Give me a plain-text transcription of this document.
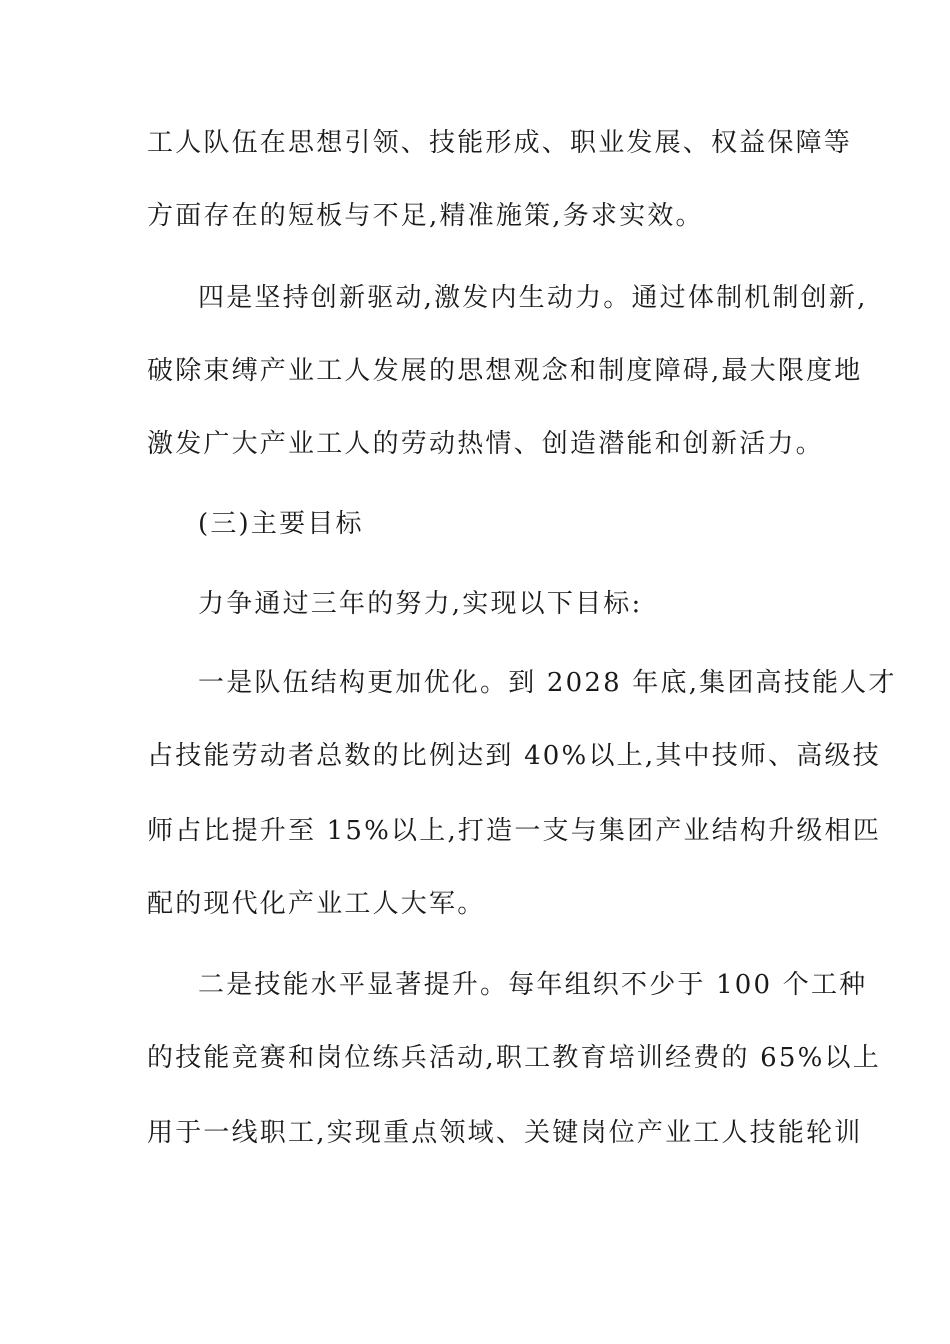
工人队伍在思想引领、技能形成、职业发展、权益保障等
方面存在的短板与不足,精准施策,务求实效。
四是坚持创新驱动,激发内生动力。通过体制机制创新,
破除束缚产业工人发展的思想观念和制度障碍,最大限度地
激发广大产业工人的劳动热情、创造潜能和创新活力。
(三)主要目标
力争通过三年的努力,实现以下目标:
一是队伍结构更加优化。到 2028 年底,集团高技能人才
占技能劳动者总数的比例达到 40%以上,其中技师、高级技
师占比提升至 15%以上,打造一支与集团产业结构升级相匹
配的现代化产业工人大军。
二是技能水平显著提升。每年组织不少于 100 个工种
的技能竞赛和岗位练兵活动,职工教育培训经费的 65%以上
用于一线职工,实现重点领域、关键岗位产业工人技能轮训
